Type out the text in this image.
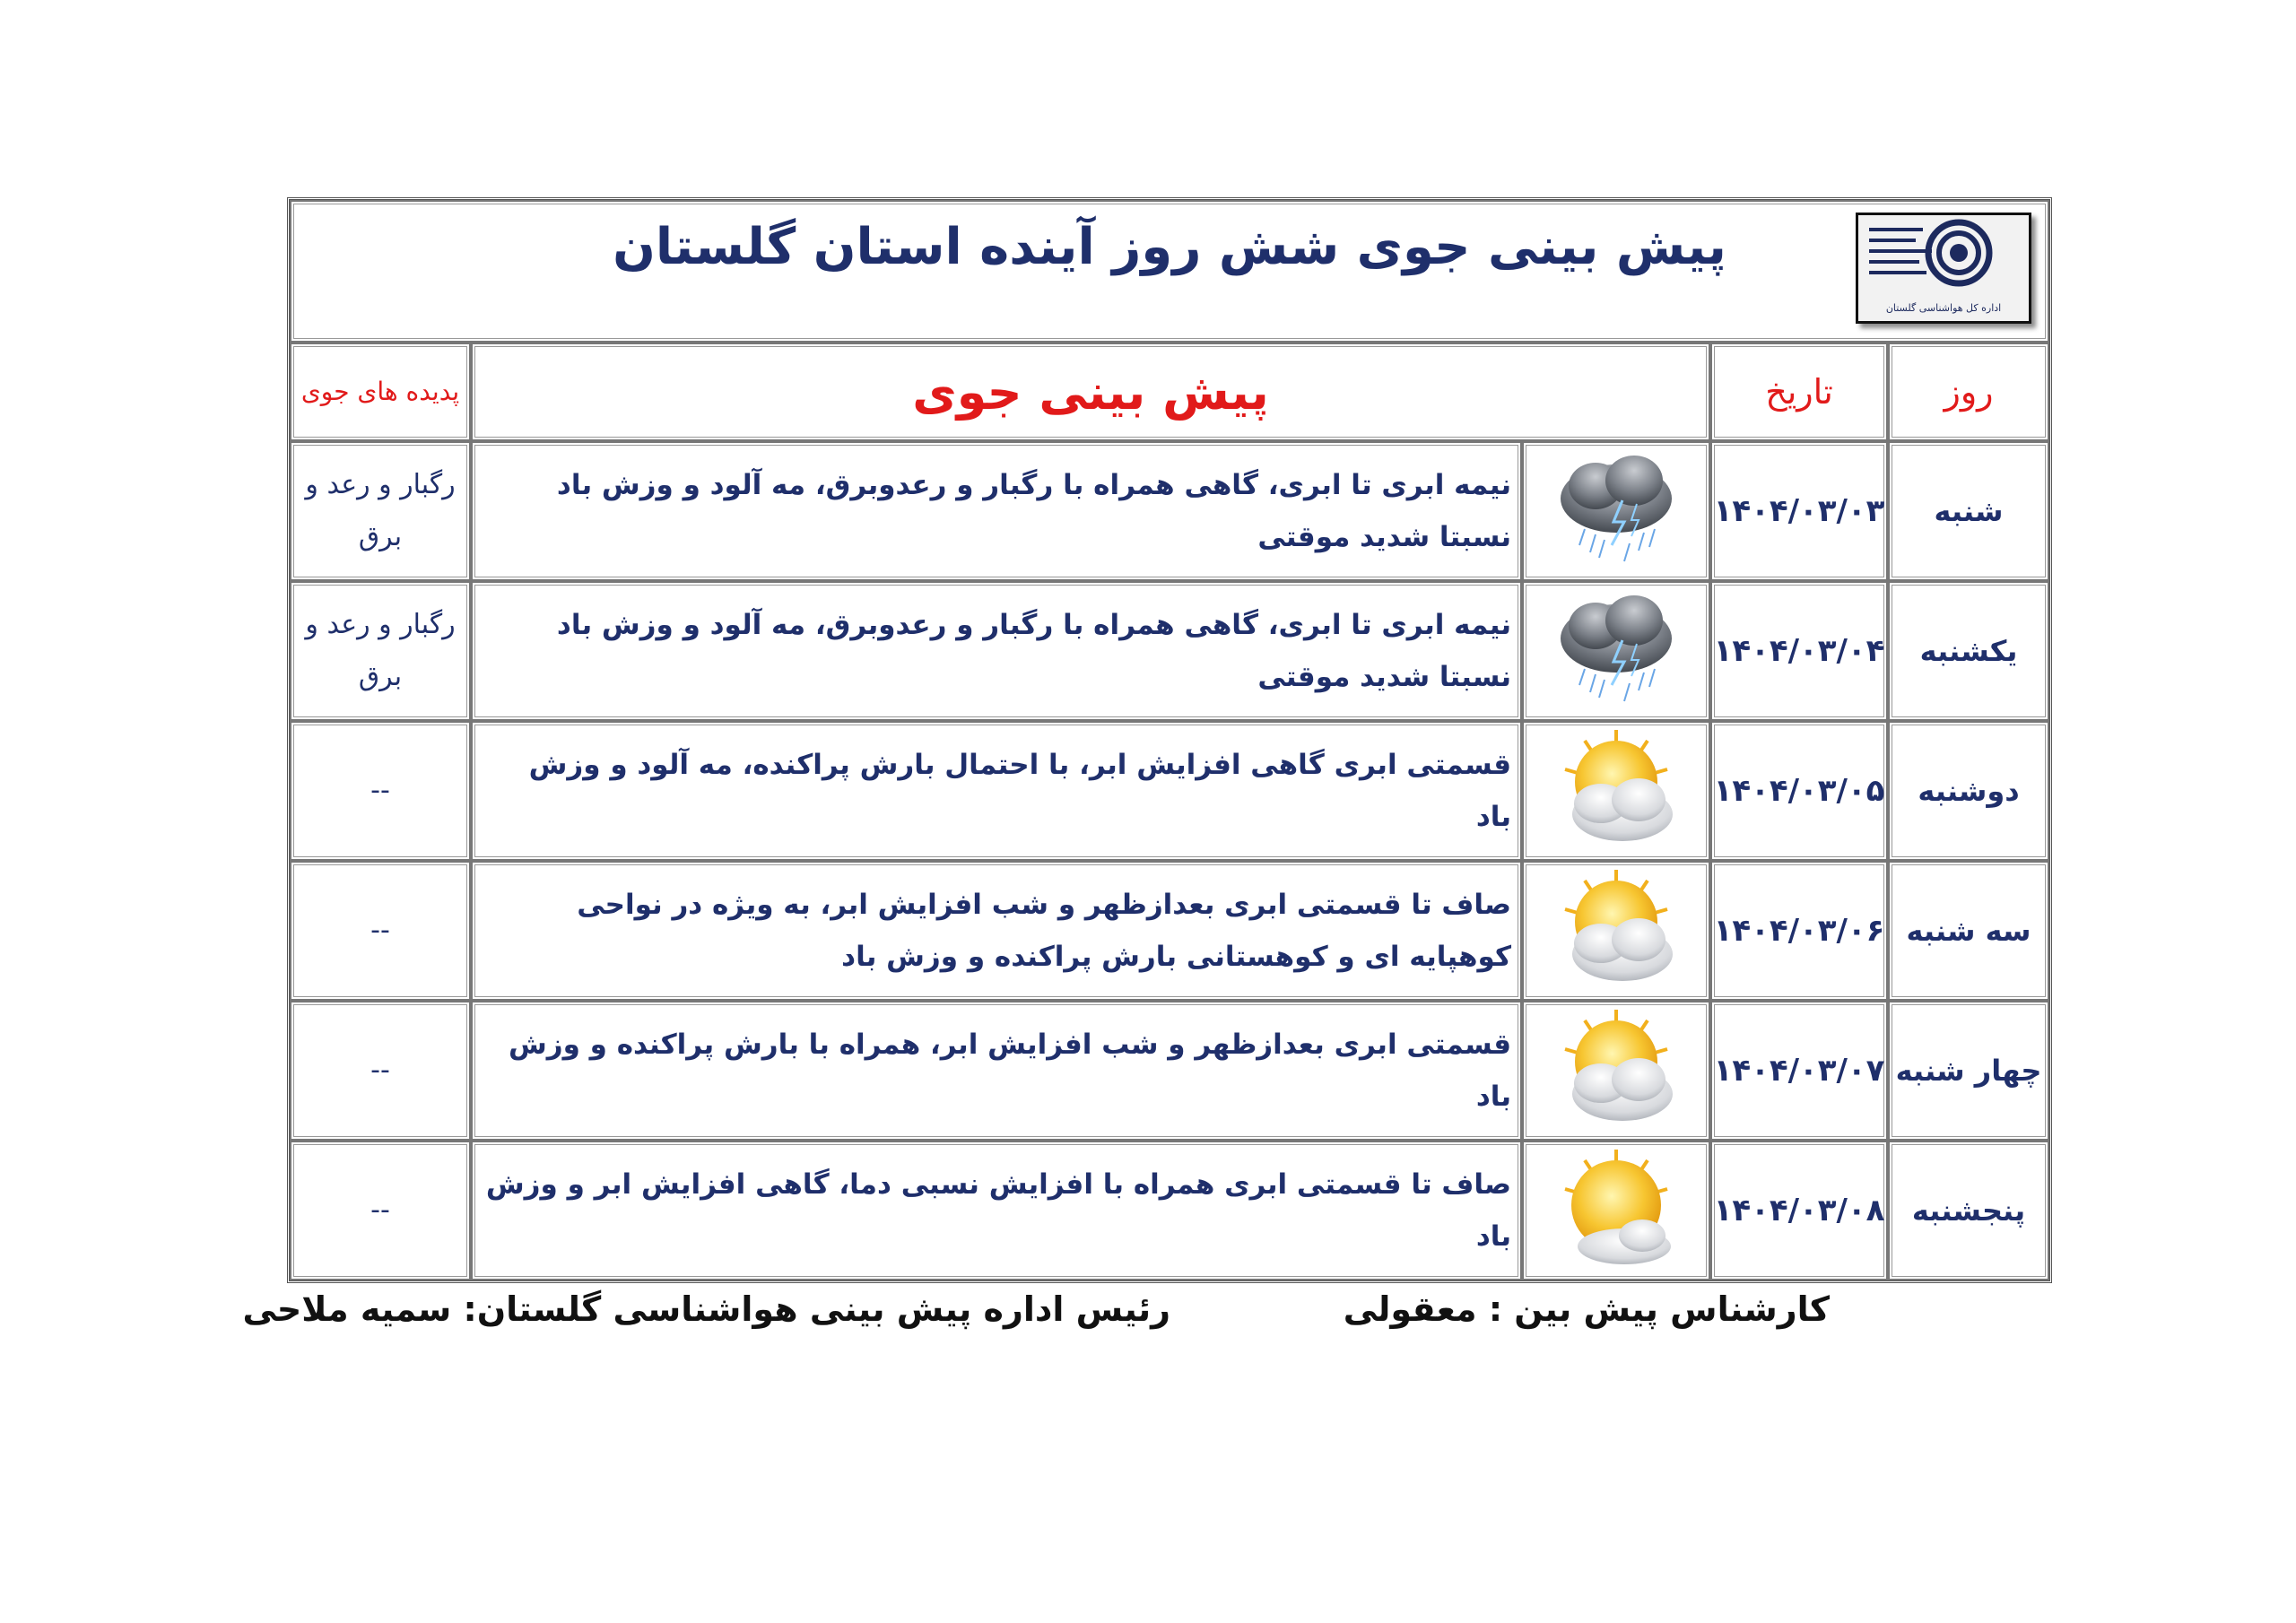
پیش بینی جوی شش روز آینده استان گلستان
اداره کل هواشناسی گلستان				

روز	تاریخ	پیش بینی جوی		پدیده های جوی
شنبه	۱۴۰۴/۰۳/۰۳		نیمه ابری تا ابری، گاهی همراه با رگبار و رعدوبرق، مه آلود و وزش باد نسبتا شدید موقتی	رگبار و رعد و برق
یکشنبه	۱۴۰۴/۰۳/۰۴		نیمه ابری تا ابری، گاهی همراه با رگبار و رعدوبرق، مه آلود و وزش باد نسبتا شدید موقتی	رگبار و رعد و برق
دوشنبه	۱۴۰۴/۰۳/۰۵		قسمتی ابری گاهی افزایش ابر، با احتمال بارش پراکنده، مه آلود و وزش باد	--
سه شنبه	۱۴۰۴/۰۳/۰۶		صاف تا قسمتی ابری بعدازظهر و شب افزایش ابر، به ویژه در نواحی کوهپایه ای و کوهستانی بارش پراکنده و وزش باد	--
چهار شنبه	۱۴۰۴/۰۳/۰۷		قسمتی ابری بعدازظهر و شب افزایش ابر، همراه با بارش پراکنده و وزش باد	--
پنجشنبه	۱۴۰۴/۰۳/۰۸		صاف تا قسمتی ابری همراه با افزایش نسبی دما، گاهی افزایش ابر و وزش باد	--
کارشناس پیش بین : معقولی
رئیس اداره پیش بینی هواشناسی گلستان: سمیه ملاحی
